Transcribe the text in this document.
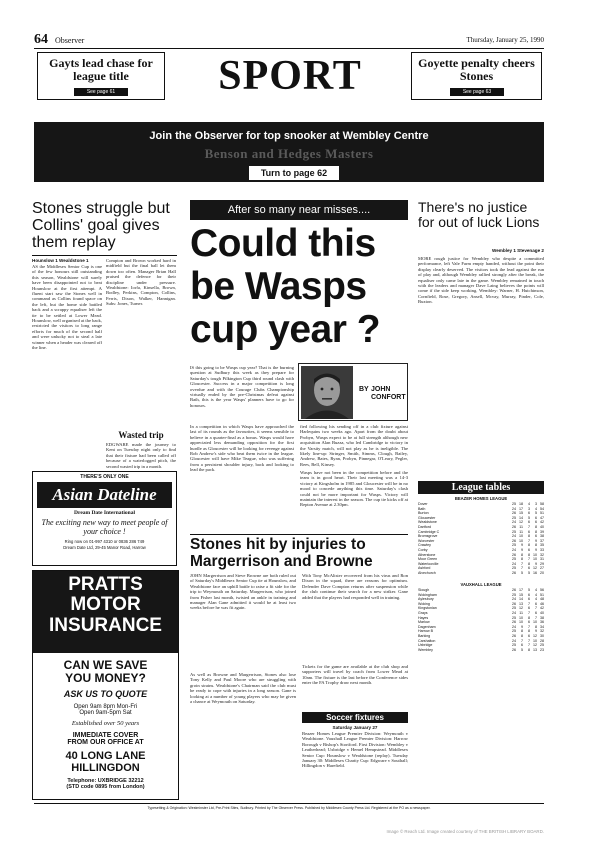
64 Observer	Thursday, January 25, 1990
Gayts lead chase for league title
See page 61	SPORT	Goyette penalty cheers Stones
See page 63
Join the Observer for top snooker at Wembley Centre
Benson and Hedges Masters
Turn to page 62
Stones struggle but Collins' goal gives them replay
Hounslow 1 Wealdstone 1
AS the Middlesex Senior Cup is one of the few honours still outstanding this season, Wealdstone will surely have been disappointed not to beat Hounslow at the first attempt. A fluent start saw the Stones well in command as Collins found space on the left, but the home side battled back and a scrappy equaliser left the tie to be settled at Lower Mead. Hounslow, well organised at the back, restricted the visitors to long range efforts for much of the second half and were unlucky not to steal a late winner when a header was cleared off the line.
Compton and Brown worked hard in midfield but the final ball let them down too often. Manager Brian Hall praised the defence for their discipline under pressure. Wealdstone: Iorfa, Kinsella, Brown, Bodley, Perkins, Compton, Collins, Ferris, Dixon, Walker, Hannigan. Subs: Jones, Turner.
Wasted trip
EDGWARE made the journey to Kent on Tuesday night only to find that their fixture had been called off because of a waterlogged pitch, the second wasted trip in a month.
THERE'S ONLY ONE
Asian Dateline
Dream Date International
The exciting new way to meet people of your choice !
Ring now on 01-997 4310 or 0836 286 749
Dream Date Ltd, 29-45 Manor Road, Harrow
PRATTS
MOTOR
INSURANCE
CAN WE SAVE
YOU MONEY?
ASK US TO QUOTE
Open 9am 8pm Mon-Fri
Open 9am-5pm Sat
Established over 50 years
IMMEDIATE COVER
FROM OUR OFFICE AT
40 LONG LANE
HILLINGDON
Telephone: UXBRIDGE 32212
(STD code 0895 from London)
After so many near misses....
Could this be Wasps cup year ?
IS this going to be Wasps cup year? That is the burning question at Sudbury this week as they prepare for Saturday's tough Pilkington Cup third round clash with Gloucester. Success in a major competition is long overdue and with the Courage Clubs Championship virtually ended by the pre-Christmas defeat against Bath, this is the year Wasps' planners have to go for honours.
BY JOHN CONFORT
In a competition in which Wasps have approached the last of its rounds as the favourites, it seems sensible to believe in a quarter-final as a bonus. Wasps would have appreciated less demanding opposition for the first hurdle as Gloucester will be looking for revenge against Rob Andrew's side who beat them twice in the league. Gloucester will have Mike Teague, who was suffering from a persistent shoulder injury, back and looking to lead the pack.
fied following his sending off in a club fixture against Harlequins two weeks ago. Apart from the doubt about Probyn, Wasps expect to be at full strength although new acquisition Alan Buzza, who led Cambridge to victory in the Varsity match, will not play as he is ineligible. The likely line-up: Stringer, Smith, Simms, Clough, Bailey, Andrew, Bates, Ryan, Probyn, Pinnegar, O'Leary, Pegler, Rees, Bell, Kinsey.
Wasps have not been in the competition before and the team is in good heart. Their last meeting was a 14-3 victory at Kingsholm in 1985 and Gloucester will be in no mood to concede anything this time. Saturday's clash could not be more important for Wasps. Victory will maintain the interest in the season. The cup tie kicks off at Repton Avenue at 2.30pm.
Stones hit by injuries to Margerrison and Browne
JOHN Margerrison and Steve Browne are both ruled out of Saturday's Middlesex Senior Cup tie at Hounslow, and Wealdstone face an uphill battle to raise a fit side for the trip to Weymouth on Saturday. Margerrison, who joined from Fisher last month, twisted an ankle in training and manager Alan Gane admitted it would be at least two weeks before he was fit again.
As well as Browne and Margerrison, Stones also lose Tony Kelly and Paul Moore who are struggling with groin strains. Wealdstone's Chairman said the club must be ready to cope with injuries in a long season. Gane is looking at a number of young players who may be given a chance at Weymouth on Saturday.
With Tony McAlister recovered from his virus and Ron Dixon in the squad, there are reasons for optimism. Defender Dave Compton returns after suspension while the club continue their search for a new striker. Gane added that the players had responded well in training.
Tickets for the game are available at the club shop and supporters will travel by coach from Lower Mead at 10am. The fixture is the last before the Conference sides enter the FA Trophy draw next month.
Soccer fixtures
Saturday January 27
Beazer Homes League Premier Division: Weymouth v Wealdstone. Vauxhall League Premier Division: Harrow Borough v Bishop's Stortford. First Division: Wembley v Leatherhead; Uxbridge v Hemel Hempstead. Middlesex Senior Cup: Hounslow v Wealdstone (replay). Tuesday January 30: Middlesex Charity Cup: Edgware v Southall; Hillingdon v Harefield.
There's no justice for out of luck Lions
Wembley 1 Stevenage 2
MORE rough justice for Wembley who despite a committed performance, left Vale Farm empty handed, without the point their display clearly deserved. The visitors took the lead against the run of play and, although Wembley rallied strongly after the break, the equaliser only came late in the game. Wembley remained in touch with the leaders and manager Dave Laing believes the points will come if the side keep working. Wembley: Warner, H. Hutchinson, Cornfield, Rose, Gregory, Ansell, Mcvay, Murray, Pinder, Cole, Buxton.
League tables
BEAZER HOMES LEAGUE
Dover	25 18	4	3 58
Bath	24 17	3	4 54
Burton	26 15	6	5 51
Gloucester	25 14	5	6 47
Wealdstone	24 12	6	6 42
Dartford	26 11	7	8 40
Cambridge C	25 11	6	8 39
Bromsgrove	24 10	8	6 38
Worcester	26 10	7	9 37
Crawley	25	9	8	8 35
Corby	24	9	6	9 33
Atherstone	26	8	8 10 32
Moor Green	25	8	7 10 31
Waterlooville	24	7	8	9 29
Ashford	25	7	6 12 27
Alvechurch	26	5	5 16 20
VAUXHALL LEAGUE
Slough	26 17	5	4 56
Wokingham	25 15	6	4 51
Aylesbury	24 14	6	4 48
Woking	26 13	7	6 46
Kingstonian	25 12	6	7 42
Grays	24 11	7	6 40
Hayes	25 10	8	7 38
Marlow	26 10	6 10 36
Dagenham	24	9	7	8 34
Harrow B	25	8	8	9 32
Barking	26	8	6 12 30
Carshalton	24	7	7 10 28
Uxbridge	25	6	7 12 25
Wembley	26	5	8 13 23
Typesetting & Origination: Westminster Ltd, Pre-Print Sites, Sudbury. Printed by The Observer Press. Published by Middlesex County Press Ltd. Registered at the PO as a newspaper.
Image © Reach Ltd. Image created courtesy of THE BRITISH LIBRARY BOARD.
